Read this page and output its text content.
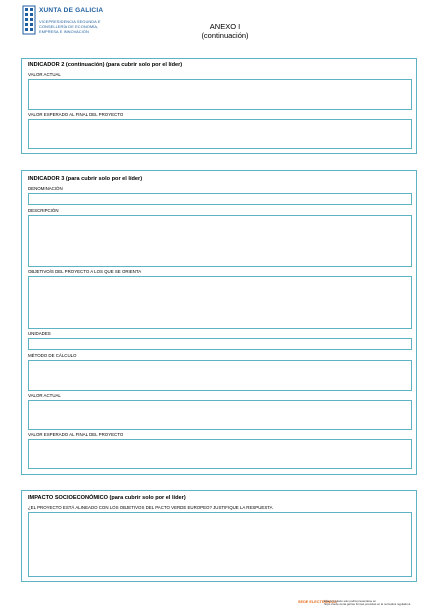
XUNTA DE GALICIA
VICEPRESIDENCIA SEGUNDA E
CONSELLERÍA DE ECONOMÍA,
EMPRESA E INNOVACIÓN
ANEXO I
(continuación)
INDICADOR 2 (continuación) (para cubrir solo por el líder)
VALOR ACTUAL
VALOR ESPERADO AL FINAL DEL PROYECTO
INDICADOR 3 (para cubrir solo por el líder)
DENOMINACIÓN
DESCRIPCIÓN
OBJETIVO/S DEL PROYECTO A LOS QUE SE ORIENTA
UNIDADES
MÉTODO DE CÁLCULO
VALOR ACTUAL
VALOR ESPERADO AL FINAL DEL PROYECTO
IMPACTO SOCIOECONÓMICO (para cubrir solo por el líder)
¿EL PROYECTO ESTÁ ALINEADO CON LOS OBJETIVOS DEL PACTO VERDE EUROPEO? JUSTIFIQUE LA RESPUESTA
SEDE ELECTRÓNICA
Este formulario solo podrá presentarse en
https://sede.xunta.gal las formas previstas en la normativa reguladora
